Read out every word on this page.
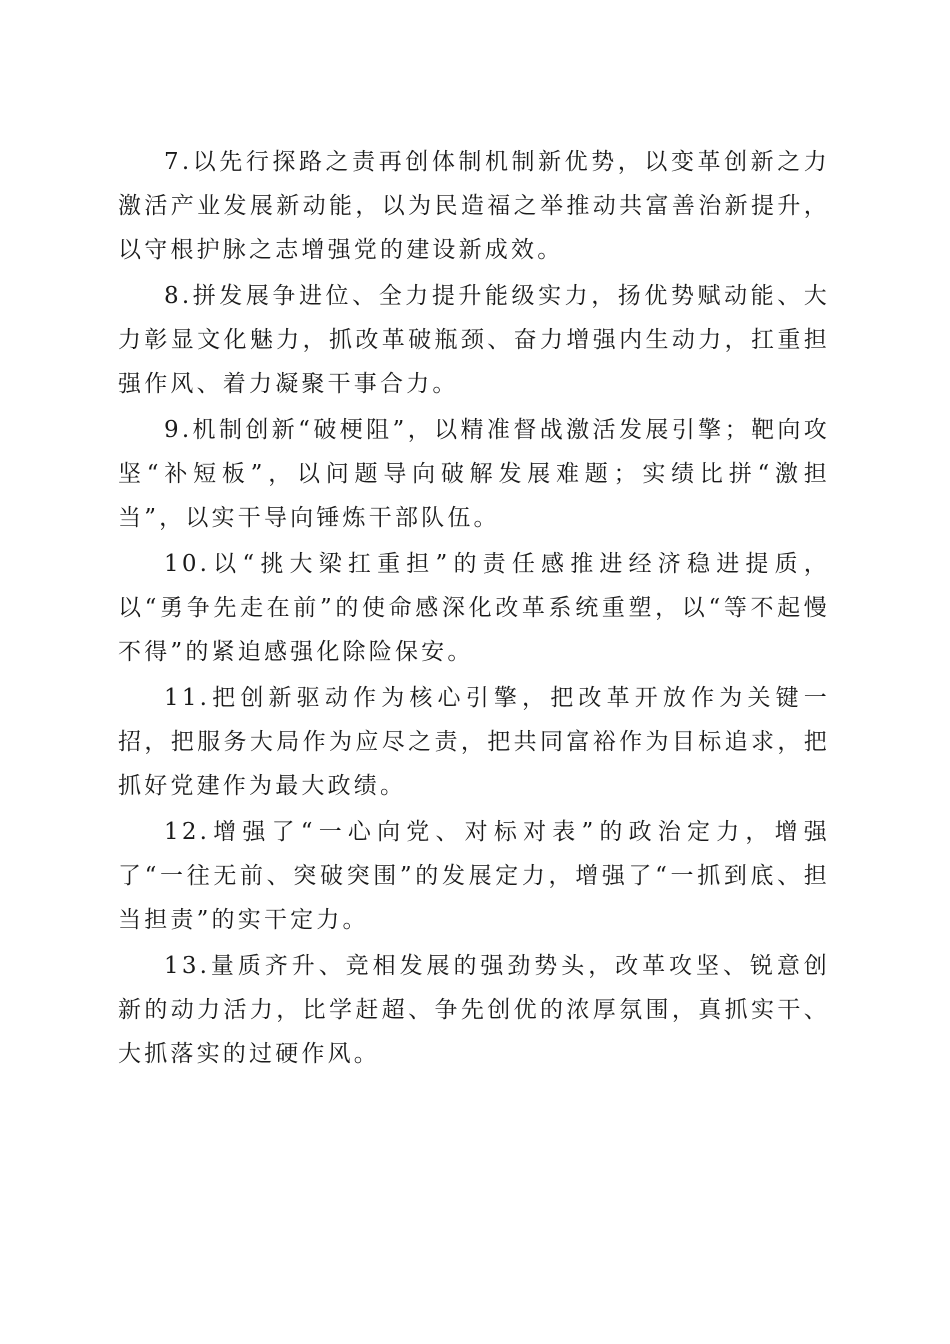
7.以先行探路之责再创体制机制新优势，以变革创新之力激活产业发展新动能，以为民造福之举推动共富善治新提升，以守根护脉之志增强党的建设新成效。

8.拼发展争进位、全力提升能级实力，扬优势赋动能、大力彰显文化魅力，抓改革破瓶颈、奋力增强内生动力，扛重担强作风、着力凝聚干事合力。

9.机制创新“破梗阻”，以精准督战激活发展引擎；靶向攻坚“补短板”，以问题导向破解发展难题；实绩比拼“激担当”，以实干导向锤炼干部队伍。

10.以“挑大梁扛重担”的责任感推进经济稳进提质，以“勇争先走在前”的使命感深化改革系统重塑，以“等不起慢不得”的紧迫感强化除险保安。

11.把创新驱动作为核心引擎，把改革开放作为关键一招，把服务大局作为应尽之责，把共同富裕作为目标追求，把抓好党建作为最大政绩。

12.增强了“一心向党、对标对表”的政治定力，增强了“一往无前、突破突围”的发展定力，增强了“一抓到底、担当担责”的实干定力。

13.量质齐升、竞相发展的强劲势头，改革攻坚、锐意创新的动力活力，比学赶超、争先创优的浓厚氛围，真抓实干、大抓落实的过硬作风。
